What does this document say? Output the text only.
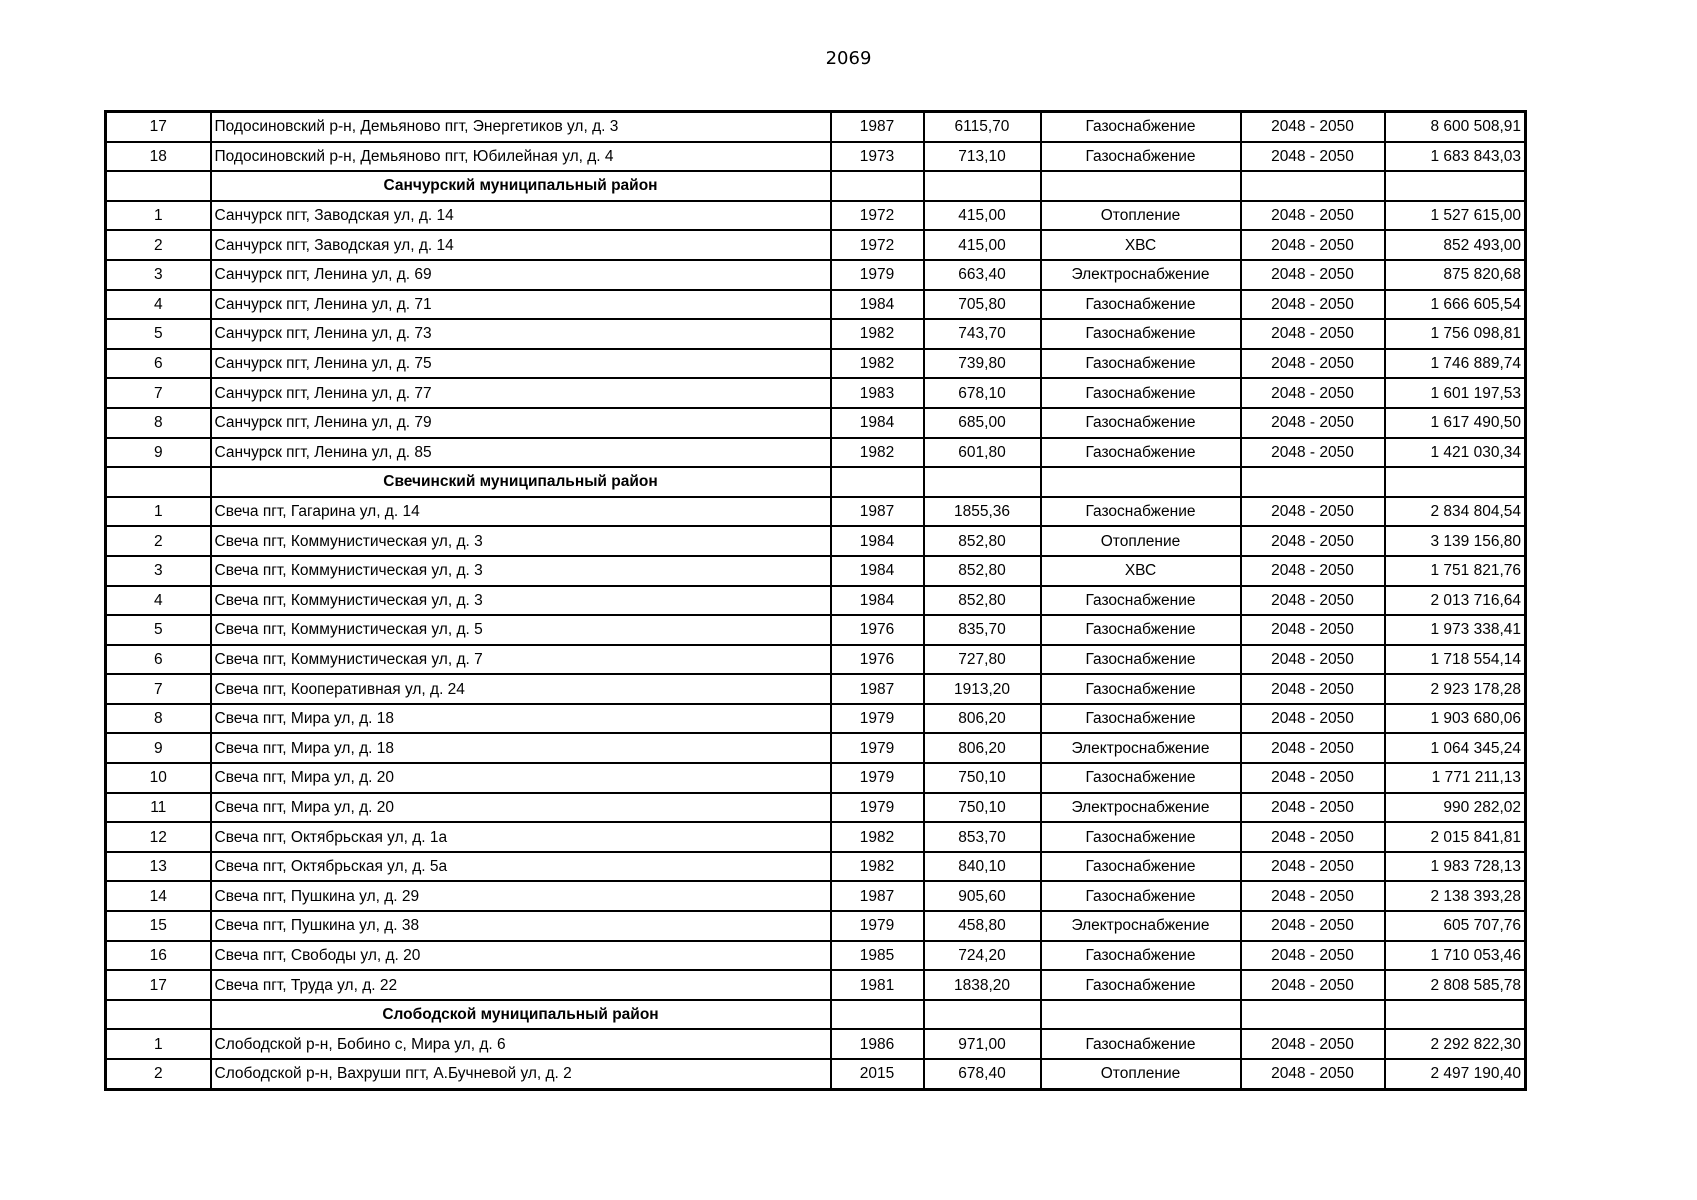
2069
17	Подосиновский р-н, Демьяново пгт, Энергетиков ул, д. 3	1987	6115,70	Газоснабжение	2048 - 2050	8 600 508,91
18	Подосиновский р-н, Демьяново пгт, Юбилейная ул, д. 4	1973	713,10	Газоснабжение	2048 - 2050	1 683 843,03
	Санчурский муниципальный район					
1	Санчурск пгт, Заводская ул, д. 14	1972	415,00	Отопление	2048 - 2050	1 527 615,00
2	Санчурск пгт, Заводская ул, д. 14	1972	415,00	ХВС	2048 - 2050	852 493,00
3	Санчурск пгт, Ленина ул, д. 69	1979	663,40	Электроснабжение	2048 - 2050	875 820,68
4	Санчурск пгт, Ленина ул, д. 71	1984	705,80	Газоснабжение	2048 - 2050	1 666 605,54
5	Санчурск пгт, Ленина ул, д. 73	1982	743,70	Газоснабжение	2048 - 2050	1 756 098,81
6	Санчурск пгт, Ленина ул, д. 75	1982	739,80	Газоснабжение	2048 - 2050	1 746 889,74
7	Санчурск пгт, Ленина ул, д. 77	1983	678,10	Газоснабжение	2048 - 2050	1 601 197,53
8	Санчурск пгт, Ленина ул, д. 79	1984	685,00	Газоснабжение	2048 - 2050	1 617 490,50
9	Санчурск пгт, Ленина ул, д. 85	1982	601,80	Газоснабжение	2048 - 2050	1 421 030,34
	Свечинский муниципальный район					
1	Свеча пгт, Гагарина ул, д. 14	1987	1855,36	Газоснабжение	2048 - 2050	2 834 804,54
2	Свеча пгт, Коммунистическая ул, д. 3	1984	852,80	Отопление	2048 - 2050	3 139 156,80
3	Свеча пгт, Коммунистическая ул, д. 3	1984	852,80	ХВС	2048 - 2050	1 751 821,76
4	Свеча пгт, Коммунистическая ул, д. 3	1984	852,80	Газоснабжение	2048 - 2050	2 013 716,64
5	Свеча пгт, Коммунистическая ул, д. 5	1976	835,70	Газоснабжение	2048 - 2050	1 973 338,41
6	Свеча пгт, Коммунистическая ул, д. 7	1976	727,80	Газоснабжение	2048 - 2050	1 718 554,14
7	Свеча пгт, Кооперативная ул, д. 24	1987	1913,20	Газоснабжение	2048 - 2050	2 923 178,28
8	Свеча пгт, Мира ул, д. 18	1979	806,20	Газоснабжение	2048 - 2050	1 903 680,06
9	Свеча пгт, Мира ул, д. 18	1979	806,20	Электроснабжение	2048 - 2050	1 064 345,24
10	Свеча пгт, Мира ул, д. 20	1979	750,10	Газоснабжение	2048 - 2050	1 771 211,13
11	Свеча пгт, Мира ул, д. 20	1979	750,10	Электроснабжение	2048 - 2050	990 282,02
12	Свеча пгт, Октябрьская ул, д. 1а	1982	853,70	Газоснабжение	2048 - 2050	2 015 841,81
13	Свеча пгт, Октябрьская ул, д. 5а	1982	840,10	Газоснабжение	2048 - 2050	1 983 728,13
14	Свеча пгт, Пушкина ул, д. 29	1987	905,60	Газоснабжение	2048 - 2050	2 138 393,28
15	Свеча пгт, Пушкина ул, д. 38	1979	458,80	Электроснабжение	2048 - 2050	605 707,76
16	Свеча пгт, Свободы ул, д. 20	1985	724,20	Газоснабжение	2048 - 2050	1 710 053,46
17	Свеча пгт, Труда ул, д. 22	1981	1838,20	Газоснабжение	2048 - 2050	2 808 585,78
	Слободской муниципальный район					
1	Слободской р-н, Бобино с, Мира ул, д. 6	1986	971,00	Газоснабжение	2048 - 2050	2 292 822,30
2	Слободской р-н, Вахруши пгт, А.Бучневой ул, д. 2	2015	678,40	Отопление	2048 - 2050	2 497 190,40
